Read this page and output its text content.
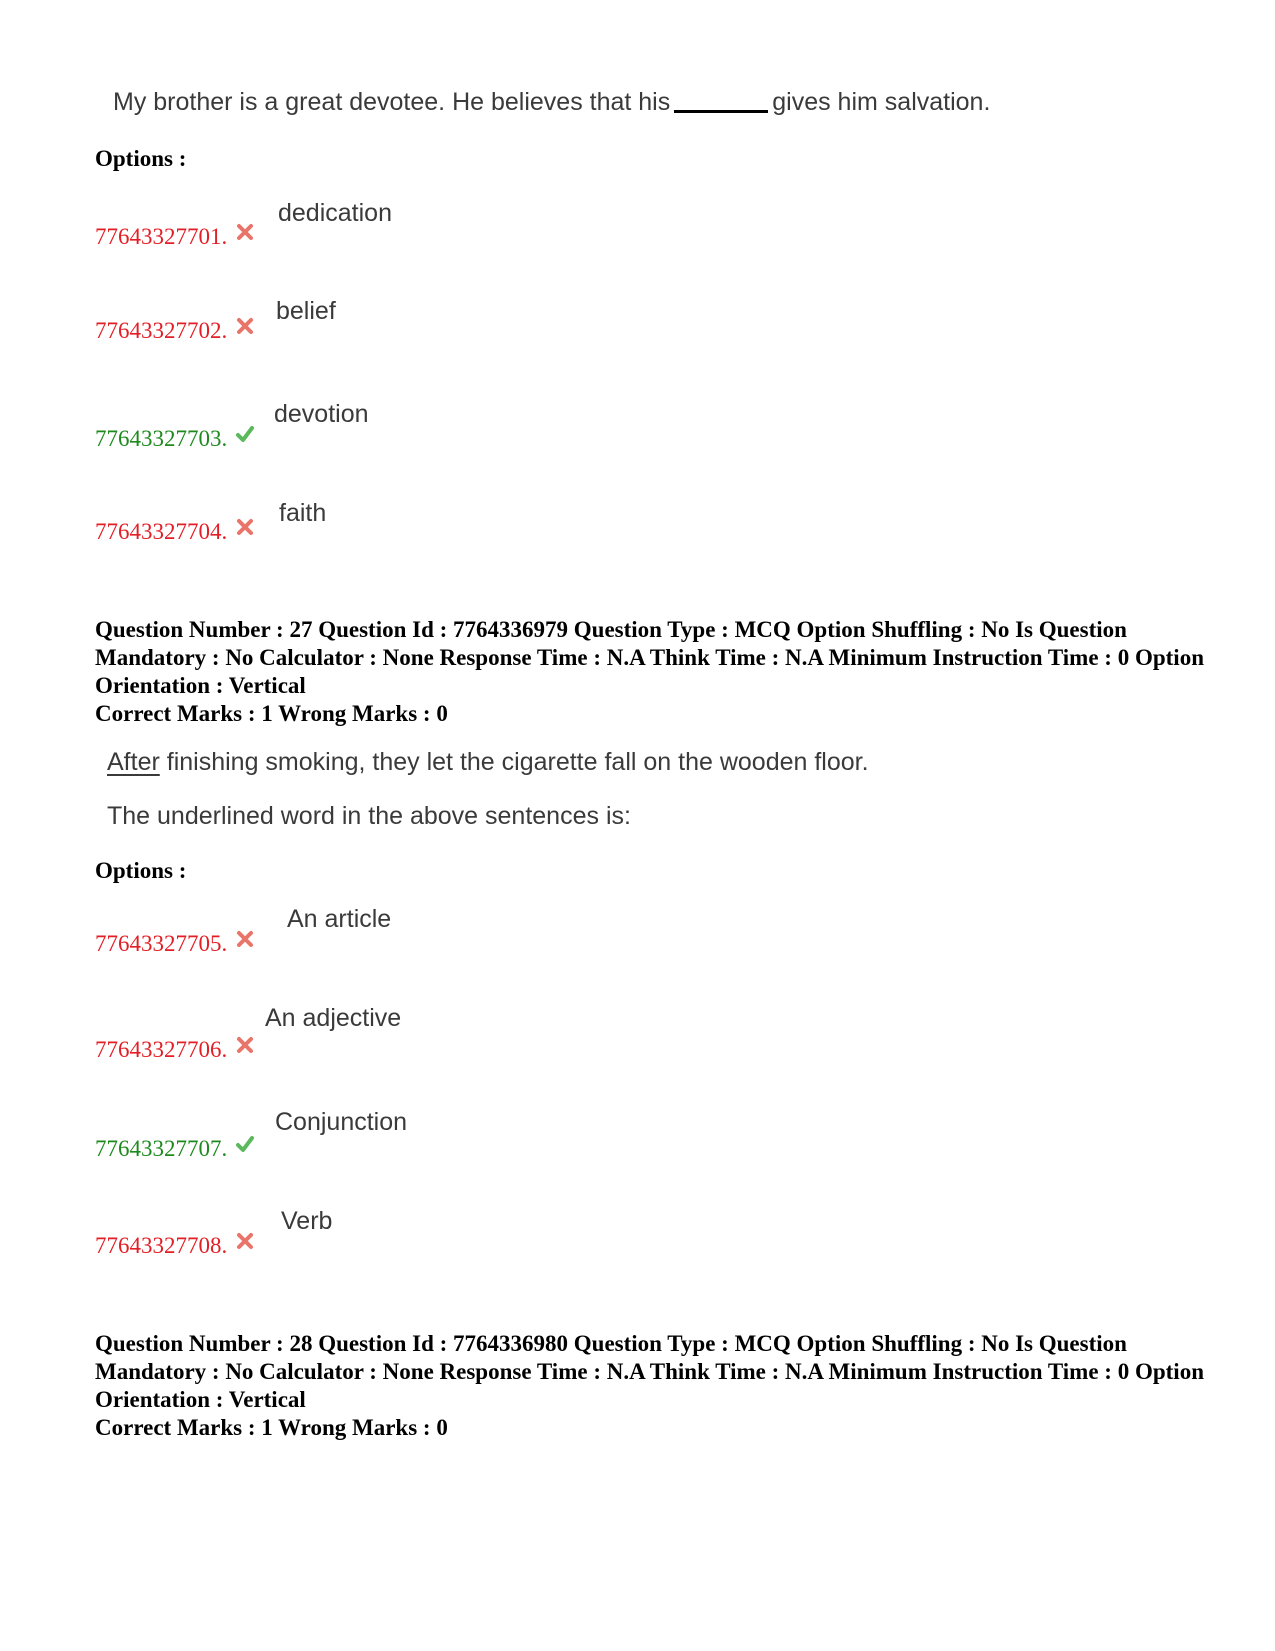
My brother is a great devotee. He believes that his	gives him salvation.
Options :
77643327701.
dedication
77643327702.
belief
77643327703.
devotion
77643327704.
faith
Question Number : 27 Question Id : 7764336979 Question Type : MCQ Option Shuffling : No Is Question Mandatory : No Calculator : None Response Time : N.A Think Time : N.A Minimum Instruction Time : 0 Option Orientation : Vertical
Correct Marks : 1 Wrong Marks : 0
After finishing smoking, they let the cigarette fall on the wooden floor.
The underlined word in the above sentences is:
Options :
77643327705.
An article
77643327706.
An adjective
77643327707.
Conjunction
77643327708.
Verb
Question Number : 28 Question Id : 7764336980 Question Type : MCQ Option Shuffling : No Is Question Mandatory : No Calculator : None Response Time : N.A Think Time : N.A Minimum Instruction Time : 0 Option Orientation : Vertical
Correct Marks : 1 Wrong Marks : 0
